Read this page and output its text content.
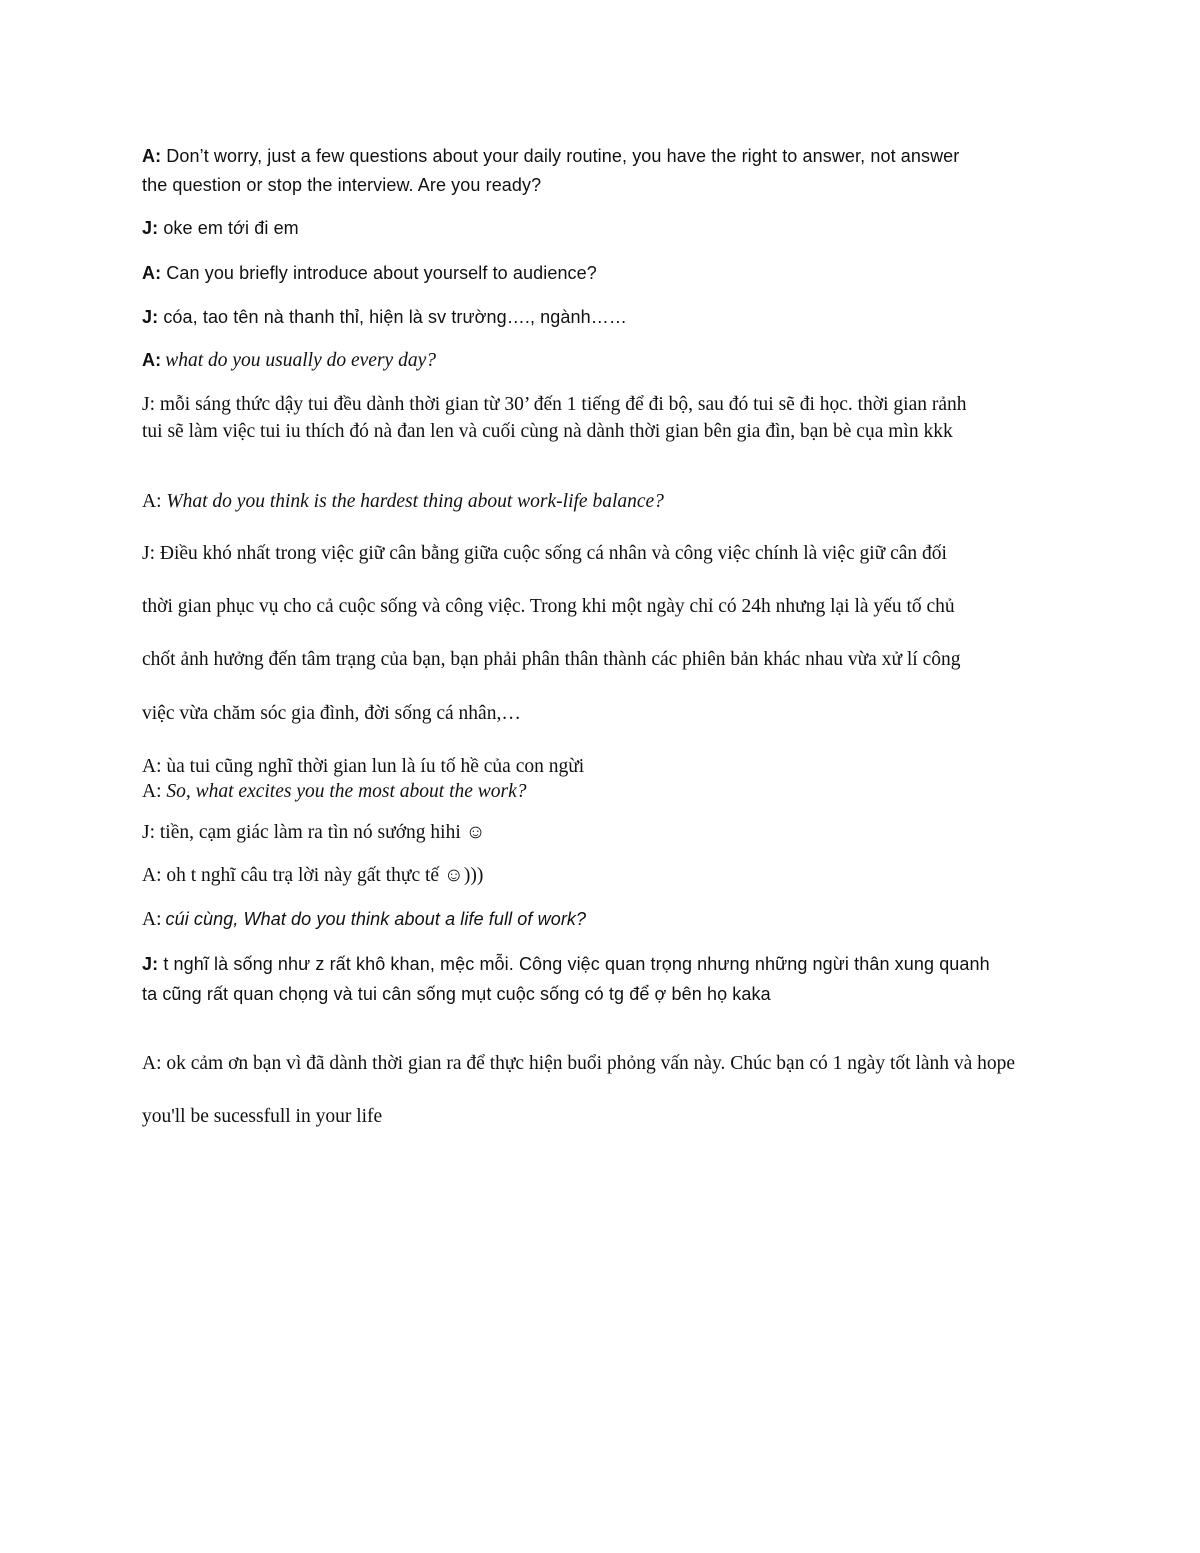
A: Don’t worry, just a few questions about your daily routine, you have the right to answer, not answer
the question or stop the interview. Are you ready?
J: oke em tới đi em
A: Can you briefly introduce about yourself to audience?
J: cóa, tao tên nà thanh thỉ, hiện là sv trường…., ngành……
A: what do you usually do every day?
J: mỗi sáng thức dậy tui đều dành thời gian từ 30’ đến 1 tiếng để đi bộ, sau đó tui sẽ đi học. thời gian rảnh
tui sẽ làm việc tui iu thích đó nà đan len và cuối cùng nà dành thời gian bên gia đìn, bạn bè cụa mìn kkk
A: What do you think is the hardest thing about work-life balance?
J: Điều khó nhất trong việc giữ cân bằng giữa cuộc sống cá nhân và công việc chính là việc giữ cân đối
thời gian phục vụ cho cả cuộc sống và công việc. Trong khi một ngày chỉ có 24h nhưng lại là yếu tố chủ
chốt ảnh hưởng đến tâm trạng của bạn, bạn phải phân thân thành các phiên bản khác nhau vừa xử lí công
việc vừa chăm sóc gia đình, đời sống cá nhân,…
A: ùa tui cũng nghĩ thời gian lun là íu tố hề của con ngừi
A: So, what excites you the most about the work?
J: tiền, cạm giác làm ra tìn nó sướng hihi ☺
A: oh t nghĩ câu trạ lời này gất thực tế ☺)))
A: cúi cùng, What do you think about a life full of work?
J: t nghĩ là sống như z rất khô khan, mệc mỗi. Công việc quan trọng nhưng những ngừi thân xung quanh
ta cũng rất quan chọng và tui cân sống mụt cuộc sống có tg để ợ bên họ kaka
A: ok cảm ơn bạn vì đã dành thời gian ra để thực hiện buổi phỏng vấn này. Chúc bạn có 1 ngày tốt lành và hope
you'll be sucessfull in your life
